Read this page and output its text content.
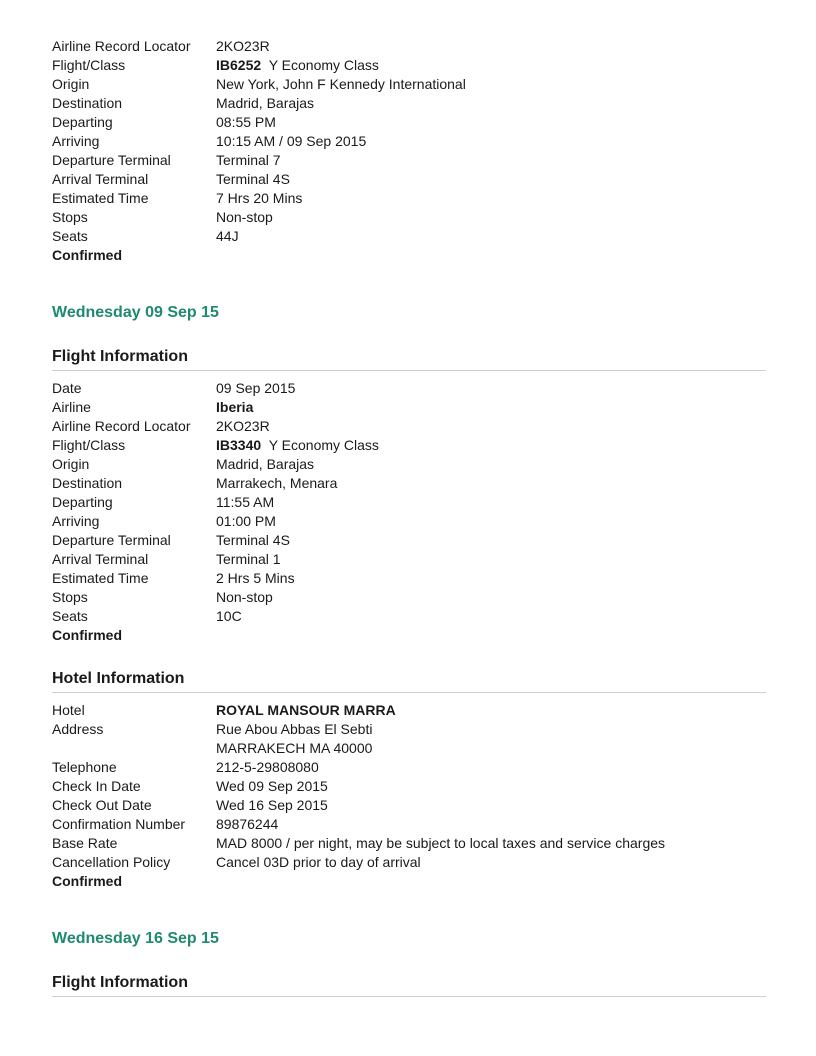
Airline Record Locator	2KO23R
Flight/Class	IB6252 Y Economy Class
Origin	New York, John F Kennedy International
Destination	Madrid, Barajas
Departing	08:55 PM
Arriving	10:15 AM / 09 Sep 2015
Departure Terminal	Terminal 7
Arrival Terminal	Terminal 4S
Estimated Time	7 Hrs 20 Mins
Stops	Non-stop
Seats	44J
Confirmed
Wednesday 09 Sep 15
Flight Information
Date	09 Sep 2015
Airline	Iberia
Airline Record Locator	2KO23R
Flight/Class	IB3340 Y Economy Class
Origin	Madrid, Barajas
Destination	Marrakech, Menara
Departing	11:55 AM
Arriving	01:00 PM
Departure Terminal	Terminal 4S
Arrival Terminal	Terminal 1
Estimated Time	2 Hrs 5 Mins
Stops	Non-stop
Seats	10C
Confirmed
Hotel Information
Hotel	ROYAL MANSOUR MARRA
Address	Rue Abou Abbas El Sebti
MARRAKECH MA 40000
Telephone	212-5-29808080
Check In Date	Wed 09 Sep 2015
Check Out Date	Wed 16 Sep 2015
Confirmation Number	89876244
Base Rate	MAD 8000 / per night, may be subject to local taxes and service charges
Cancellation Policy	Cancel 03D prior to day of arrival
Confirmed
Wednesday 16 Sep 15
Flight Information
